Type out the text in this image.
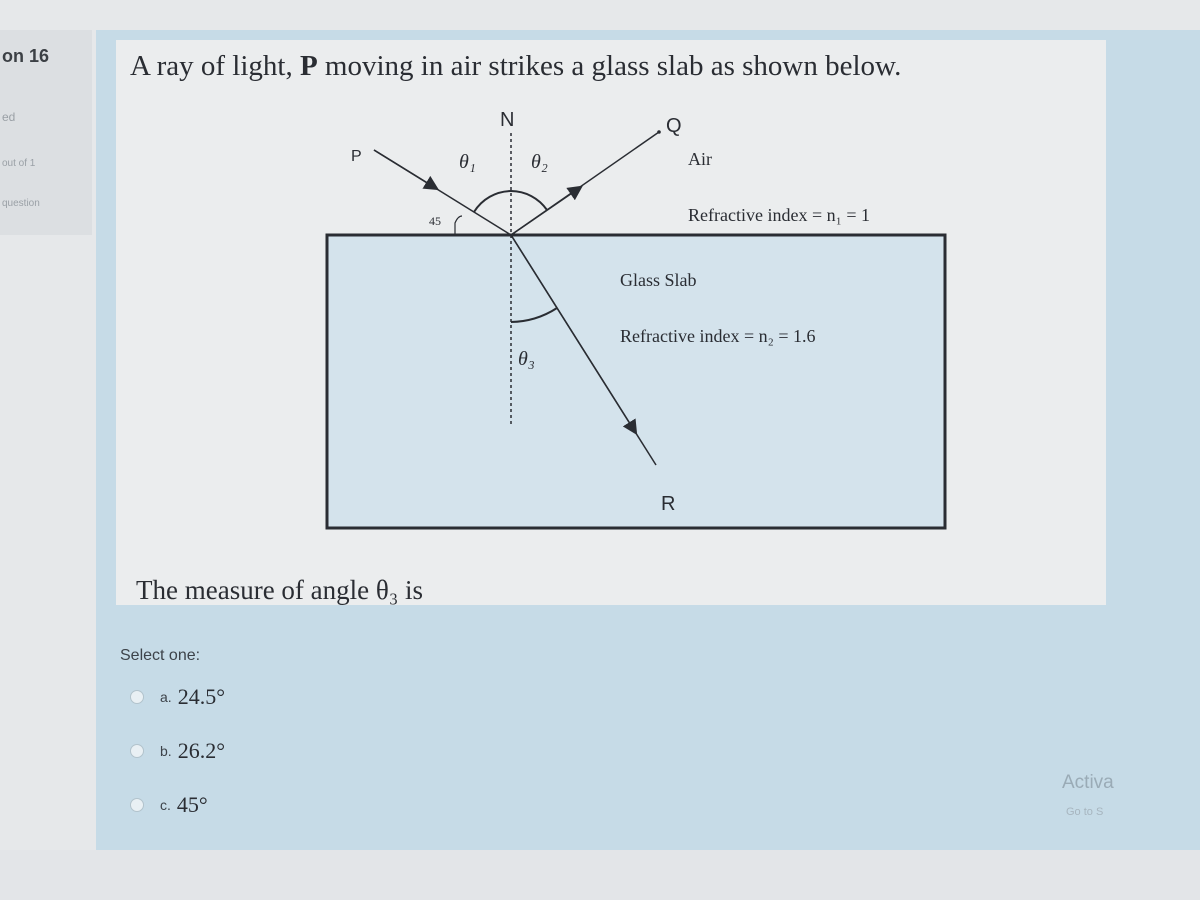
on 16
ed
out of 1
question
A ray of light, P moving in air strikes a glass slab as shown below.
N
P
Q
R
θ₁	θ₂
θ₃
45
Air
Refractive index = n₁ = 1
Glass Slab
Refractive index = n₂ = 1.6

The measure of angle θ₃ is

Select one:
a. 24.5°
b. 26.2°
c. 45°
Activa
Go to S
